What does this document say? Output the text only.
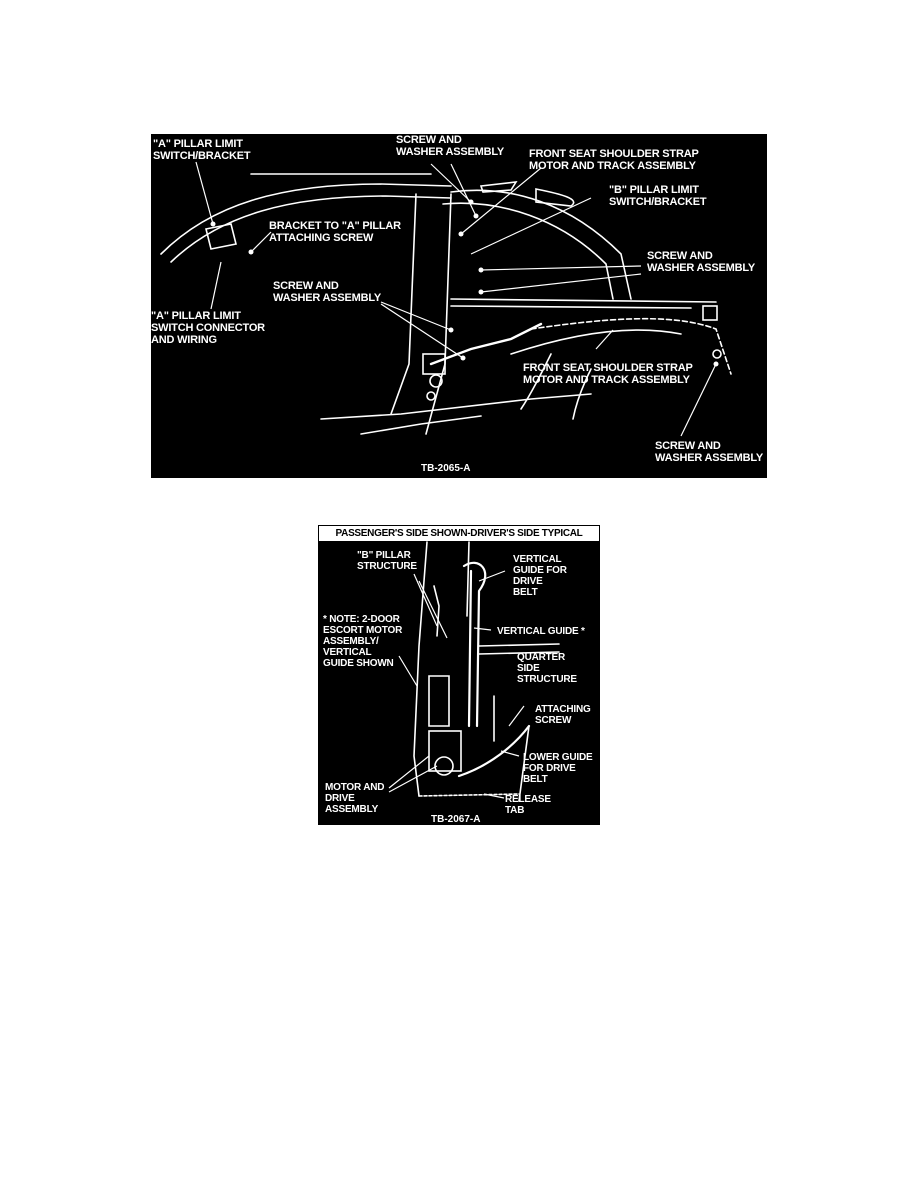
"A" PILLAR LIMIT
SWITCH/BRACKET
SCREW AND
WASHER ASSEMBLY FRONT SEAT SHOULDER STRAP
MOTOR AND TRACK ASSEMBLY
"B" PILLAR LIMIT
SWITCH/BRACKET
BRACKET TO "A" PILLAR
ATTACHING SCREW
SCREW AND
WASHER ASSEMBLY
SCREW AND
WASHER ASSEMBLY
"A" PILLAR LIMIT
SWITCH CONNECTOR
AND WIRING
FRONT SEAT SHOULDER STRAP
MOTOR AND TRACK ASSEMBLY
SCREW AND
WASHER ASSEMBLY
TB-2065-A
PASSENGER'S SIDE SHOWN-DRIVER'S SIDE TYPICAL
"B" PILLAR
STRUCTURE
VERTICAL
GUIDE FOR
DRIVE
BELT
* NOTE: 2-DOOR
ESCORT MOTOR
ASSEMBLY/
VERTICAL
GUIDE SHOWN
VERTICAL GUIDE *
QUARTER
SIDE
STRUCTURE
ATTACHING
SCREW
LOWER GUIDE
FOR DRIVE
BELT
MOTOR AND
DRIVE
ASSEMBLY
RELEASE
TAB
TB-2067-A
